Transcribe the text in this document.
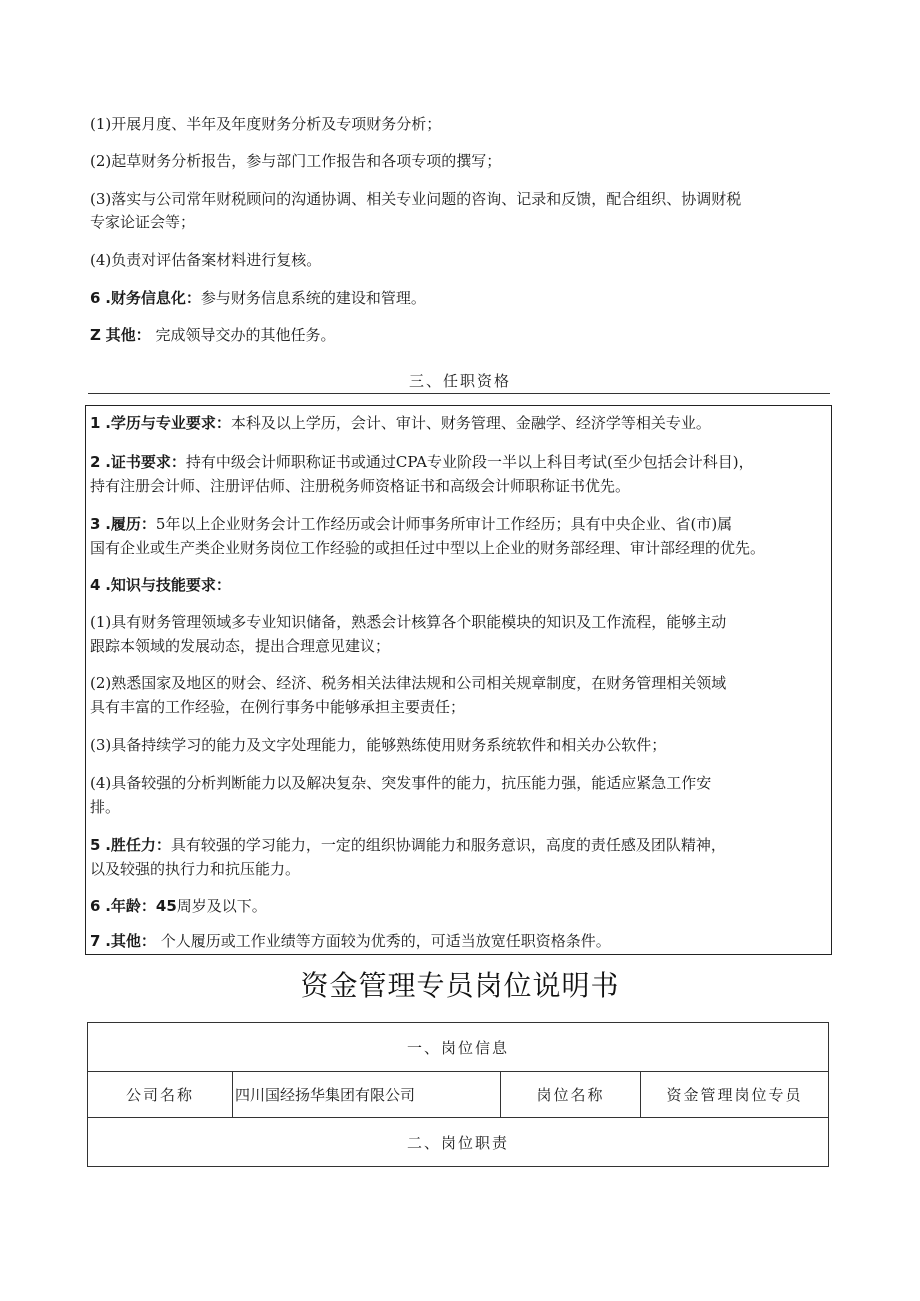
(1)开展月度、半年及年度财务分析及专项财务分析；
(2)起草财务分析报告，参与部门工作报告和各项专项的撰写；
(3)落实与公司常年财税顾问的沟通协调、相关专业问题的咨询、记录和反馈，配合组织、协调财税
专家论证会等；
(4)负责对评估备案材料进行复核。
6 .财务信息化：参与财务信息系统的建设和管理。
Z 其他： 完成领导交办的其他任务。
三、任职资格
1 .学历与专业要求：本科及以上学历，会计、审计、财务管理、金融学、经济学等相关专业。
2 .证书要求：持有中级会计师职称证书或通过CPA专业阶段一半以上科目考试(至少包括会计科目)，
持有注册会计师、注册评估师、注册税务师资格证书和高级会计师职称证书优先。
3 .履历：5年以上企业财务会计工作经历或会计师事务所审计工作经历；具有中央企业、省(市)属
国有企业或生产类企业财务岗位工作经验的或担任过中型以上企业的财务部经理、审计部经理的优先。
4 .知识与技能要求：
(1)具有财务管理领域多专业知识储备，熟悉会计核算各个职能模块的知识及工作流程，能够主动
跟踪本领域的发展动态，提出合理意见建议；
(2)熟悉国家及地区的财会、经济、税务相关法律法规和公司相关规章制度，在财务管理相关领域
具有丰富的工作经验，在例行事务中能够承担主要责任；
(3)具备持续学习的能力及文字处理能力，能够熟练使用财务系统软件和相关办公软件；
(4)具备较强的分析判断能力以及解决复杂、突发事件的能力，抗压能力强，能适应紧急工作安
排。
5 .胜任力：具有较强的学习能力，一定的组织协调能力和服务意识，高度的责任感及团队精神，
以及较强的执行力和抗压能力。
6 .年龄：45周岁及以下。
7 .其他： 个人履历或工作业绩等方面较为优秀的，可适当放宽任职资格条件。
资金管理专员岗位说明书
一、岗位信息
公司名称	四川国经扬华集团有限公司	岗位名称	资金管理岗位专员
二、岗位职责
